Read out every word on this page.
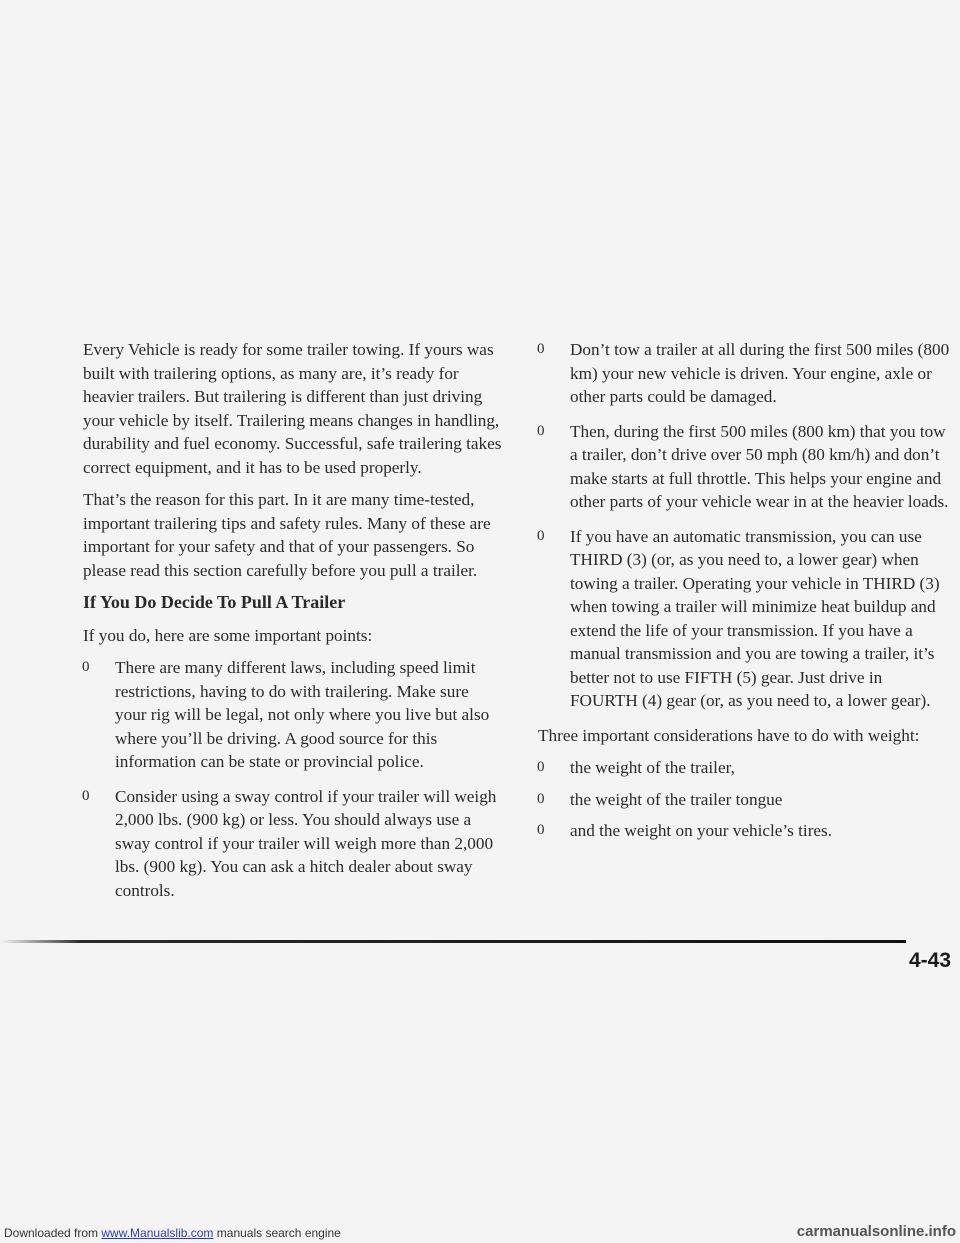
Every Vehicle is ready for some trailer towing. If yours was built with trailering options, as many are, it’s ready for heavier trailers. But trailering is different than just driving your vehicle by itself. Trailering means changes in handling, durability and fuel economy. Successful, safe trailering takes correct equipment, and it has to be used properly.

That’s the reason for this part. In it are many time-tested, important trailering tips and safety rules. Many of these are important for your safety and that of your passengers. So please read this section carefully before you pull a trailer.

If You Do Decide To Pull A Trailer

If you do, here are some important points:

0 There are many different laws, including speed limit restrictions, having to do with trailering. Make sure your rig will be legal, not only where you live but also where you’ll be driving. A good source for this information can be state or provincial police.
0 Consider using a sway control if your trailer will weigh 2,000 lbs. (900 kg) or less. You should always use a sway control if your trailer will weigh more than 2,000 lbs. (900 kg). You can ask a hitch dealer about sway controls.
0 Don’t tow a trailer at all during the first 500 miles (800 km) your new vehicle is driven. Your engine, axle or other parts could be damaged.
0 Then, during the first 500 miles (800 km) that you tow a trailer, don’t drive over 50 mph (80 km/h) and don’t make starts at full throttle. This helps your engine and other parts of your vehicle wear in at the heavier loads.
0 If you have an automatic transmission, you can use THIRD (3) (or, as you need to, a lower gear) when towing a trailer. Operating your vehicle in THIRD (3) when towing a trailer will minimize heat buildup and extend the life of your transmission. If you have a manual transmission and you are towing a trailer, it’s better not to use FIFTH (5) gear. Just drive in FOURTH (4) gear (or, as you need to, a lower gear).

Three important considerations have to do with weight:

0 the weight of the trailer,
0 the weight of the trailer tongue
0 and the weight on your vehicle’s tires.
4-43
Downloaded from www.Manualslib.com manuals search engine	carmanualsonline.info
